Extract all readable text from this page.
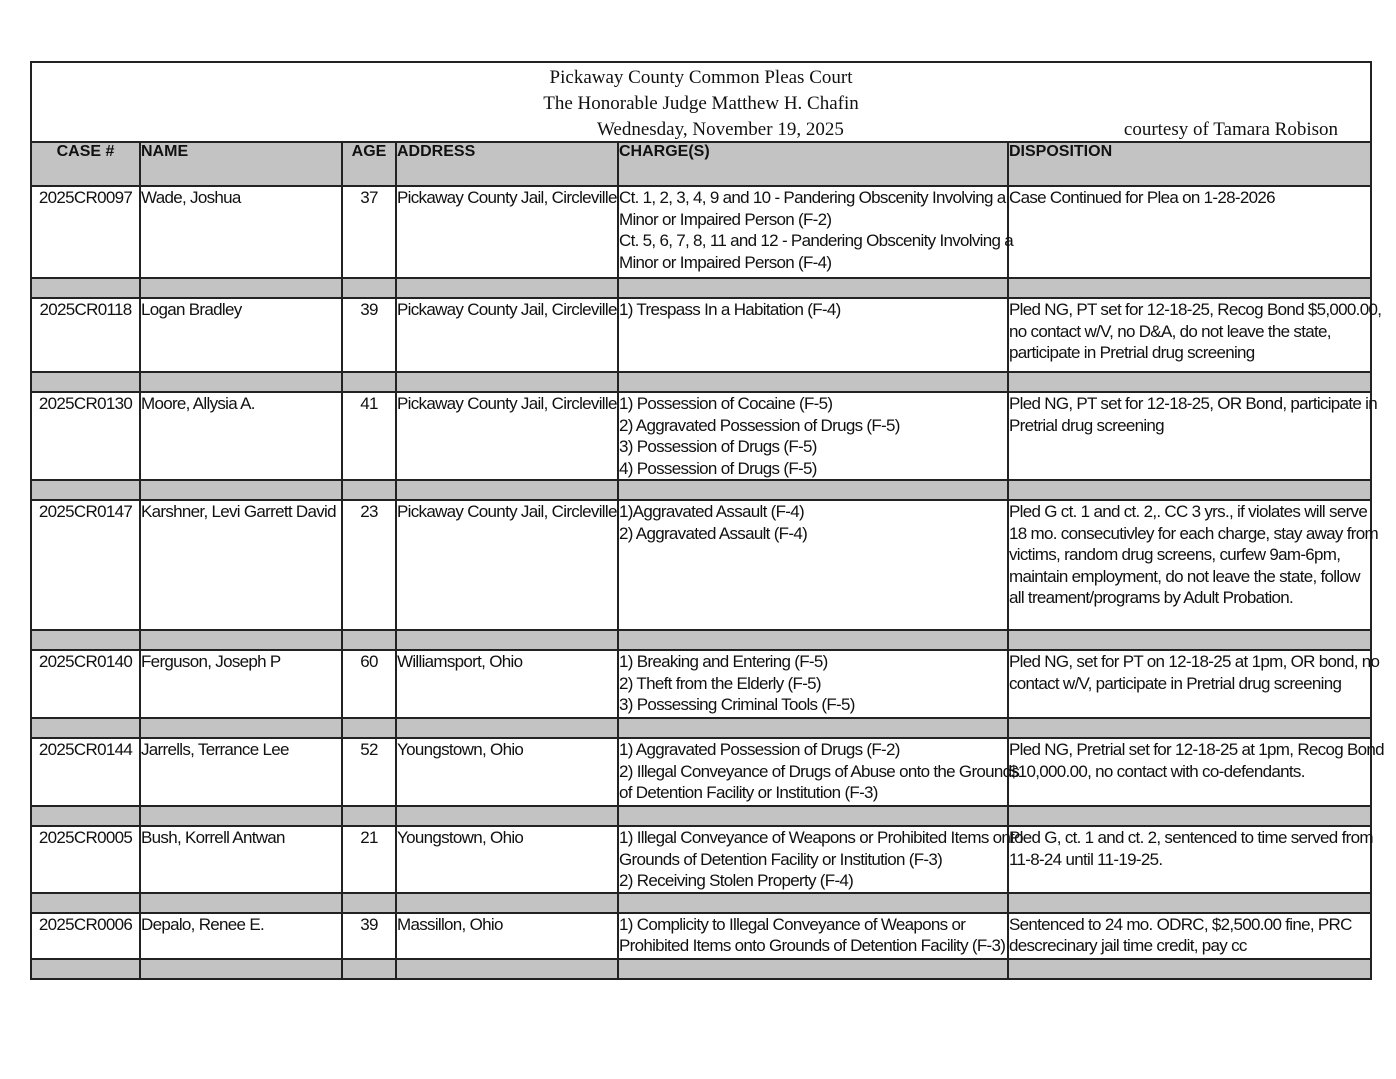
Pickaway County Common Pleas Court
The Honorable Judge Matthew H. Chafin
Wednesday, November 19, 2025 courtesy of Tamara Robison					

CASE #	NAME	AGE	ADDRESS	CHARGE(S)	DISPOSITION
2025CR0097	Wade, Joshua	37	Pickaway County Jail, Circleville	Ct. 1, 2, 3, 4, 9 and 10 - Pandering Obscenity Involving a
Minor or Impaired Person (F-2)
Ct. 5, 6, 7, 8, 11 and 12 - Pandering Obscenity Involving a
Minor or Impaired Person (F-4)	Case Continued for Plea on 1-28-2026

2025CR0118	Logan Bradley	39	Pickaway County Jail, Circleville	1) Trespass In a Habitation (F-4)	Pled NG, PT set for 12-18-25, Recog Bond $5,000.00,
no contact w/V, no D&A, do not leave the state,
participate in Pretrial drug screening

2025CR0130	Moore, Allysia A.	41	Pickaway County Jail, Circleville	1) Possession of Cocaine (F-5)
2) Aggravated Possession of Drugs (F-5)
3) Possession of Drugs (F-5)
4) Possession of Drugs (F-5)	Pled NG, PT set for 12-18-25, OR Bond, participate in
Pretrial drug screening

2025CR0147	Karshner, Levi Garrett David	23	Pickaway County Jail, Circleville	1)Aggravated Assault (F-4)
2) Aggravated Assault (F-4)	Pled G ct. 1 and ct. 2,. CC 3 yrs., if violates will serve
18 mo. consecutivley for each charge, stay away from
victims, random drug screens, curfew 9am-6pm,
maintain employment, do not leave the state, follow
all treament/programs by Adult Probation.

2025CR0140	Ferguson, Joseph P	60	Williamsport, Ohio	1) Breaking and Entering (F-5)
2) Theft from the Elderly (F-5)
3) Possessing Criminal Tools (F-5)	Pled NG, set for PT on 12-18-25 at 1pm, OR bond, no
contact w/V, participate in Pretrial drug screening

2025CR0144	Jarrells, Terrance Lee	52	Youngstown, Ohio	1) Aggravated Possession of Drugs (F-2)
2) Illegal Conveyance of Drugs of Abuse onto the Grounds
of Detention Facility or Institution (F-3)	Pled NG, Pretrial set for 12-18-25 at 1pm, Recog Bond
$10,000.00, no contact with co-defendants.

2025CR0005	Bush, Korrell Antwan	21	Youngstown, Ohio	1) Illegal Conveyance of Weapons or Prohibited Items onto
Grounds of Detention Facility or Institution (F-3)
2) Receiving Stolen Property (F-4)	Pled G, ct. 1 and ct. 2, sentenced to time served from
11-8-24 until 11-19-25.

2025CR0006	Depalo, Renee E.	39	Massillon, Ohio	1) Complicity to Illegal Conveyance of Weapons or
Prohibited Items onto Grounds of Detention Facility (F-3)	Sentenced to 24 mo. ODRC, $2,500.00 fine, PRC
descrecinary jail time credit, pay cc
